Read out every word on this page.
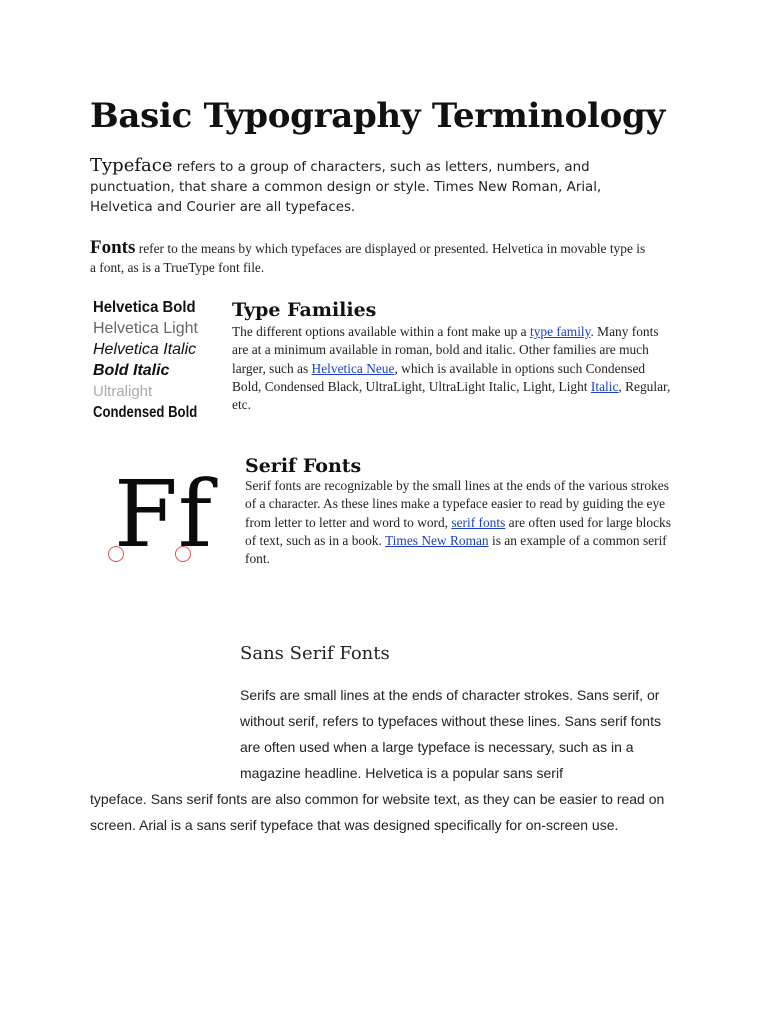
Basic Typography Terminology

Typeface refers to a group of characters, such as letters, numbers, and punctuation, that share a common design or style. Times New Roman, Arial, Helvetica and Courier are all typefaces.

Fonts refer to the means by which typefaces are displayed or presented. Helvetica in movable type is a font, as is a TrueType font file.

Helvetica Bold
Helvetica Light
Helvetica Italic
Bold Italic
Ultralight
Condensed Bold
Type Families

The different options available within a font make up a type family. Many fonts are at a minimum available in roman, bold and italic. Other families are much larger, such as Helvetica Neue, which is available in options such Condensed Bold, Condensed Black, UltraLight, UltraLight Italic, Light, Light Italic, Regular, etc.

Ff Serif Fonts

Serif fonts are recognizable by the small lines at the ends of the various strokes of a character. As these lines make a typeface easier to read by guiding the eye from letter to letter and word to word, serif fonts are often used for large blocks of text, such as in a book. Times New Roman is an example of a common serif font.

Sans Serif Fonts

Serifs are small lines at the ends of character strokes. Sans serif, or without serif, refers to typefaces without these lines. Sans serif fonts are often used when a large typeface is necessary, such as in a magazine headline. Helvetica is a popular sans serif

typeface. Sans serif fonts are also common for website text, as they can be easier to read on screen. Arial is a sans serif typeface that was designed specifically for on-screen use.
